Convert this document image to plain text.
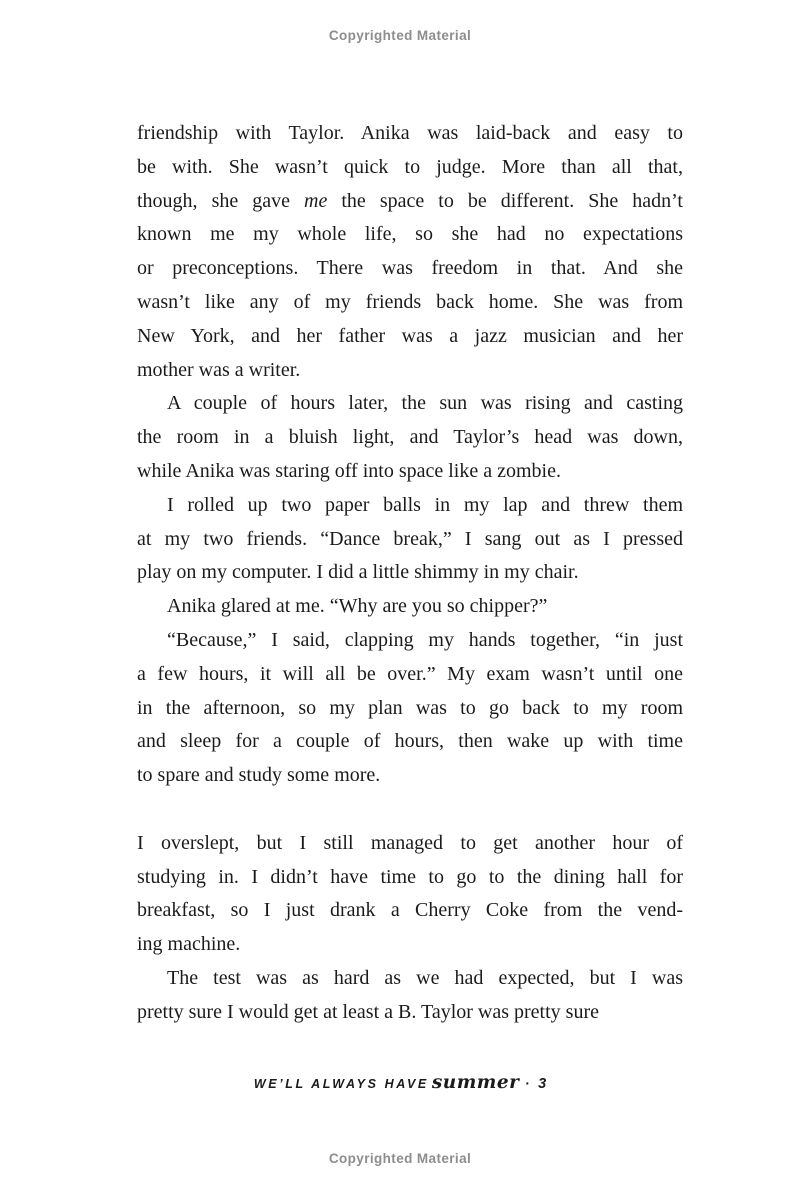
Copyrighted Material
friendship with Taylor. Anika was laid-back and easy to
be with. She wasn’t quick to judge. More than all that,
though, she gave me the space to be different. She hadn’t
known me my whole life, so she had no expectations
or preconceptions. There was freedom in that. And she
wasn’t like any of my friends back home. She was from
New York, and her father was a jazz musician and her
mother was a writer.
A couple of hours later, the sun was rising and casting
the room in a bluish light, and Taylor’s head was down,
while Anika was staring off into space like a zombie.
I rolled up two paper balls in my lap and threw them
at my two friends. “Dance break,” I sang out as I pressed
play on my computer. I did a little shimmy in my chair.
Anika glared at me. “Why are you so chipper?”
“Because,” I said, clapping my hands together, “in just
a few hours, it will all be over.” My exam wasn’t until one
in the afternoon, so my plan was to go back to my room
and sleep for a couple of hours, then wake up with time
to spare and study some more.
I overslept, but I still managed to get another hour of
studying in. I didn’t have time to go to the dining hall for
breakfast, so I just drank a Cherry Coke from the vend-
ing machine.
The test was as hard as we had expected, but I was
pretty sure I would get at least a B. Taylor was pretty sure
WE’LL ALWAYS HAVE summer · 3
Copyrighted Material
